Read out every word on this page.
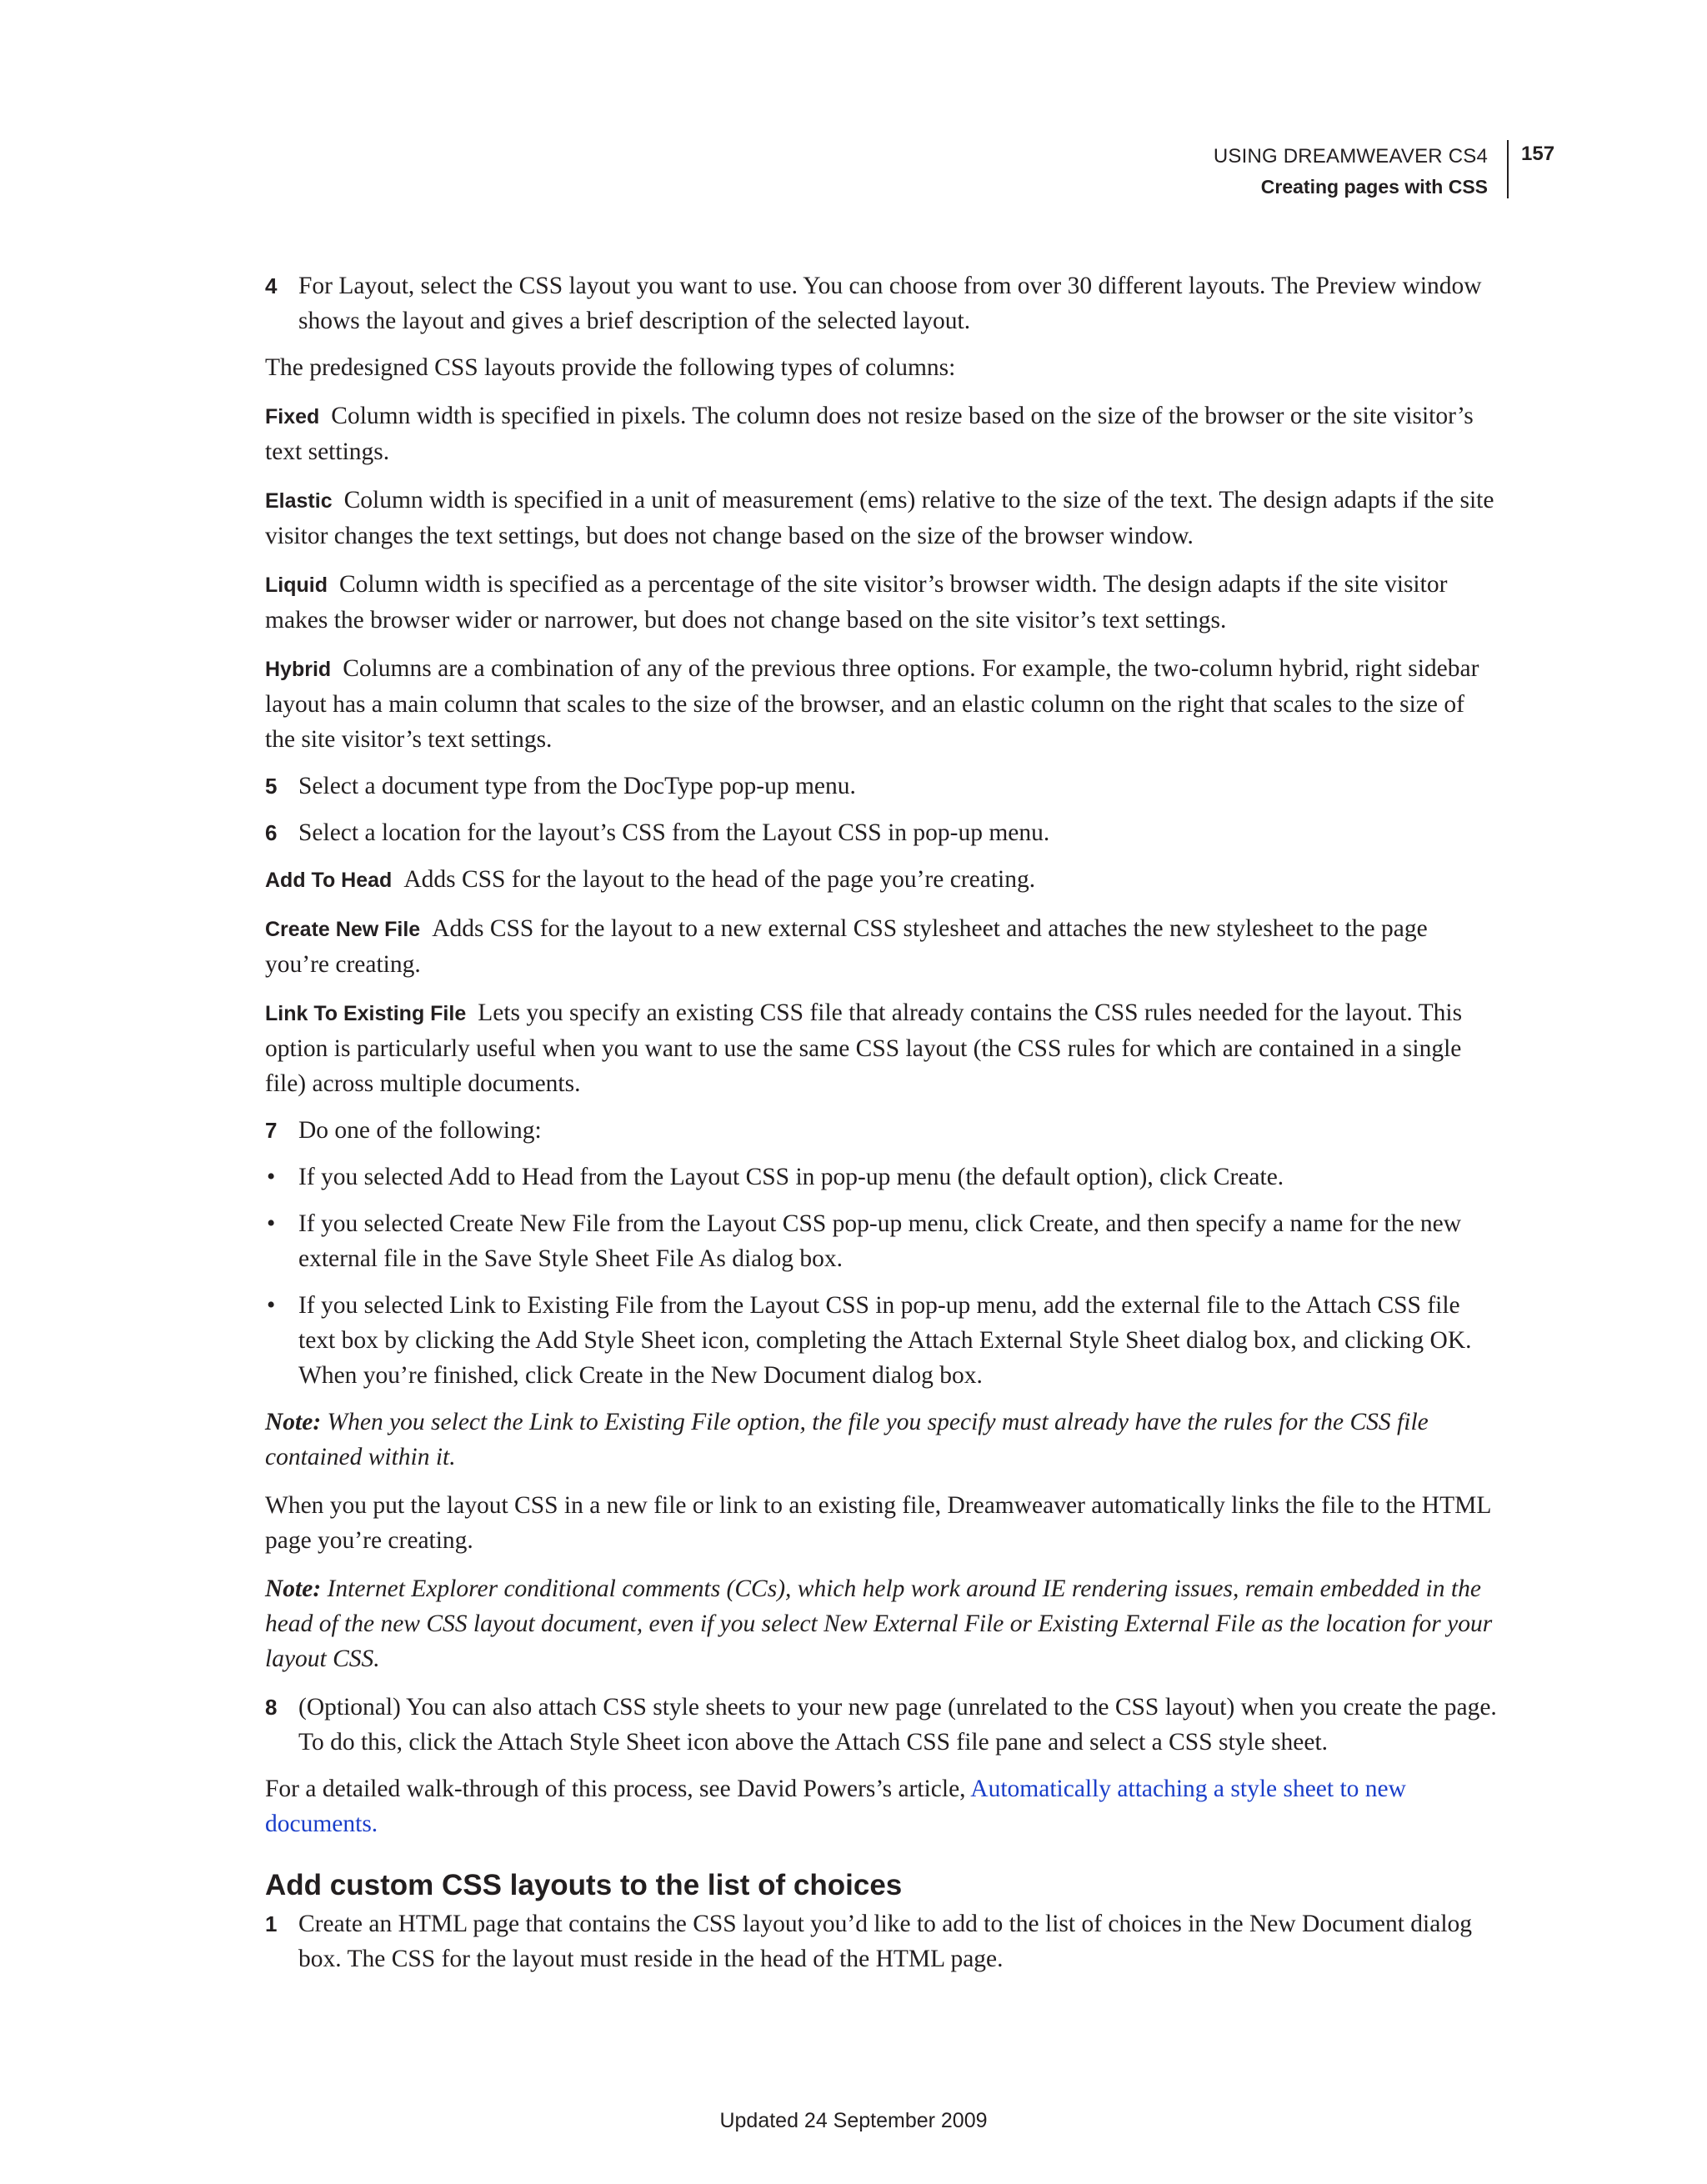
USING DREAMWEAVER CS4
Creating pages with CSS
157
4 For Layout, select the CSS layout you want to use. You can choose from over 30 different layouts. The Preview window shows the layout and gives a brief description of the selected layout.

The predesigned CSS layouts provide the following types of columns:

Fixed Column width is specified in pixels. The column does not resize based on the size of the browser or the site visitor’s text settings.

Elastic Column width is specified in a unit of measurement (ems) relative to the size of the text. The design adapts if the site visitor changes the text settings, but does not change based on the size of the browser window.

Liquid Column width is specified as a percentage of the site visitor’s browser width. The design adapts if the site visitor makes the browser wider or narrower, but does not change based on the site visitor’s text settings.

Hybrid Columns are a combination of any of the previous three options. For example, the two-column hybrid, right sidebar layout has a main column that scales to the size of the browser, and an elastic column on the right that scales to the size of the site visitor’s text settings.

5 Select a document type from the DocType pop-up menu.
6 Select a location for the layout’s CSS from the Layout CSS in pop-up menu.

Add To Head Adds CSS for the layout to the head of the page you’re creating.

Create New File Adds CSS for the layout to a new external CSS stylesheet and attaches the new stylesheet to the page you’re creating.

Link To Existing File Lets you specify an existing CSS file that already contains the CSS rules needed for the layout. This option is particularly useful when you want to use the same CSS layout (the CSS rules for which are contained in a single file) across multiple documents.

7 Do one of the following:
• If you selected Add to Head from the Layout CSS in pop-up menu (the default option), click Create.
• If you selected Create New File from the Layout CSS pop-up menu, click Create, and then specify a name for the new external file in the Save Style Sheet File As dialog box.
• If you selected Link to Existing File from the Layout CSS in pop-up menu, add the external file to the Attach CSS file text box by clicking the Add Style Sheet icon, completing the Attach External Style Sheet dialog box, and clicking OK. When you’re finished, click Create in the New Document dialog box.

Note: When you select the Link to Existing File option, the file you specify must already have the rules for the CSS file contained within it.

When you put the layout CSS in a new file or link to an existing file, Dreamweaver automatically links the file to the HTML page you’re creating.

Note: Internet Explorer conditional comments (CCs), which help work around IE rendering issues, remain embedded in the head of the new CSS layout document, even if you select New External File or Existing External File as the location for your layout CSS.

8 (Optional) You can also attach CSS style sheets to your new page (unrelated to the CSS layout) when you create the page. To do this, click the Attach Style Sheet icon above the Attach CSS file pane and select a CSS style sheet.

For a detailed walk-through of this process, see David Powers’s article, Automatically attaching a style sheet to new documents.

Add custom CSS layouts to the list of choices
1 Create an HTML page that contains the CSS layout you’d like to add to the list of choices in the New Document dialog box. The CSS for the layout must reside in the head of the HTML page.
Updated 24 September 2009
